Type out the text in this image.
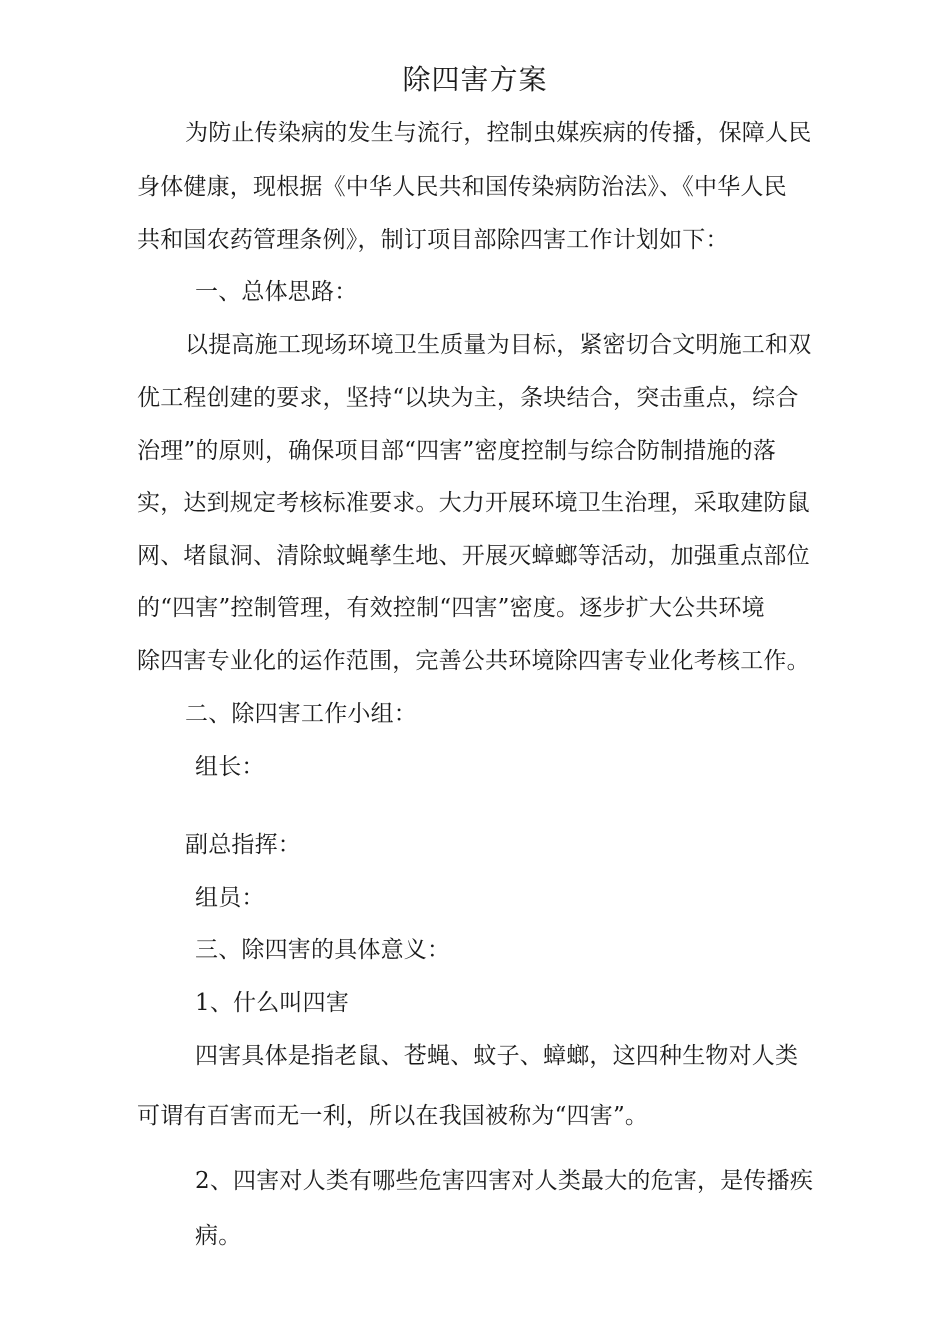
除四害方案
为防止传染病的发生与流行，控制虫媒疾病的传播，保障人民
身体健康，现根据《中华人民共和国传染病防治法》、《中华人民
共和国农药管理条例》，制订项目部除四害工作计划如下：
一、总体思路：
以提高施工现场环境卫生质量为目标，紧密切合文明施工和双
优工程创建的要求，坚持“以块为主，条块结合，突击重点，综合
治理”的原则，确保项目部“四害”密度控制与综合防制措施的落
实，达到规定考核标准要求。大力开展环境卫生治理，采取建防鼠
网、堵鼠洞、清除蚊蝇孳生地、开展灭蟑螂等活动，加强重点部位
的“四害”控制管理，有效控制“四害”密度。逐步扩大公共环境
除四害专业化的运作范围，完善公共环境除四害专业化考核工作。
二、除四害工作小组：
组长：
副总指挥：
组员：
三、除四害的具体意义：
1、什么叫四害
四害具体是指老鼠、苍蝇、蚊子、蟑螂，这四种生物对人类
可谓有百害而无一利，所以在我国被称为“四害”。
2、四害对人类有哪些危害四害对人类最大的危害，是传播疾
病。
